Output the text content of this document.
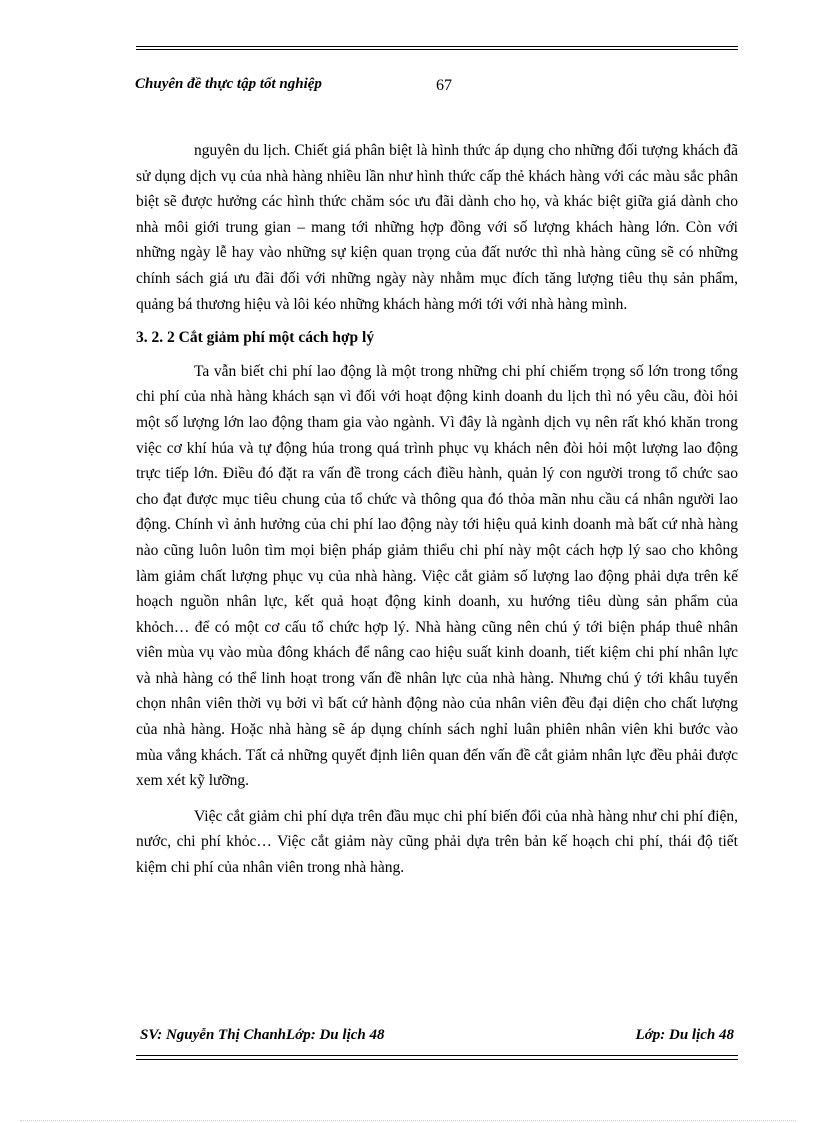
Chuyên đề thực tập tốt nghiệp	67

nguyên du lịch. Chiết giá phân biệt là hình thức áp dụng cho những đối tượng khách đã sử dụng dịch vụ của nhà hàng nhiều lần như hình thức cấp thẻ khách hàng với các màu sắc phân biệt sẽ được hưởng các hình thức chăm sóc ưu đãi dành cho họ, và khác biệt giữa giá dành cho nhà môi giới trung gian – mang tới những hợp đồng với số lượng khách hàng lớn. Còn với những ngày lễ hay vào những sự kiện quan trọng của đất nước thì nhà hàng cũng sẽ có những chính sách giá ưu đãi đối với những ngày này nhằm mục đích tăng lượng tiêu thụ sản phẩm, quảng bá thương hiệu và lôi kéo những khách hàng mới tới với nhà hàng mình.

3. 2. 2 Cắt giảm phí một cách hợp lý

Ta vẫn biết chi phí lao động là một trong những chi phí chiếm trọng số lớn trong tổng chi phí của nhà hàng khách sạn vì đối với hoạt động kinh doanh du lịch thì nó yêu cầu, đòi hỏi một số lượng lớn lao động tham gia vào ngành. Vì đây là ngành dịch vụ nên rất khó khăn trong việc cơ khí húa và tự động húa trong quá trình phục vụ khách nên đòi hỏi một lượng lao động trực tiếp lớn. Điều đó đặt ra vấn đề trong cách điều hành, quản lý con người trong tổ chức sao cho đạt được mục tiêu chung của tổ chức và thông qua đó thỏa mãn nhu cầu cá nhân người lao động. Chính vì ảnh hưởng của chi phí lao động này tới hiệu quả kinh doanh mà bất cứ nhà hàng nào cũng luôn luôn tìm mọi biện pháp giảm thiểu chi phí này một cách hợp lý sao cho không làm giảm chất lượng phục vụ của nhà hàng. Việc cắt giảm số lượng lao động phải dựa trên kế hoạch nguồn nhân lực, kết quả hoạt động kinh doanh, xu hướng tiêu dùng sản phẩm của khỏch… để có một cơ cấu tổ chức hợp lý. Nhà hàng cũng nên chú ý tới biện pháp thuê nhân viên mùa vụ vào mùa đông khách để nâng cao hiệu suất kinh doanh, tiết kiệm chi phí nhân lực và nhà hàng có thể linh hoạt trong vấn đề nhân lực của nhà hàng. Nhưng chú ý tới khâu tuyển chọn nhân viên thời vụ bởi vì bất cứ hành động nào của nhân viên đều đại diện cho chất lượng của nhà hàng. Hoặc nhà hàng sẽ áp dụng chính sách nghỉ luân phiên nhân viên khi bước vào mùa vắng khách. Tất cả những quyết định liên quan đến vấn đề cắt giảm nhân lực đều phải được xem xét kỹ lưỡng.

Việc cắt giảm chi phí dựa trên đầu mục chi phí biến đổi của nhà hàng như chi phí điện, nước, chi phí khỏc… Việc cắt giảm này cũng phải dựa trên bản kế hoạch chi phí, thái độ tiết kiệm chi phí của nhân viên trong nhà hàng.

SV: Nguyễn Thị ChanhLớp: Du lịch 48	Lớp: Du lịch 48
